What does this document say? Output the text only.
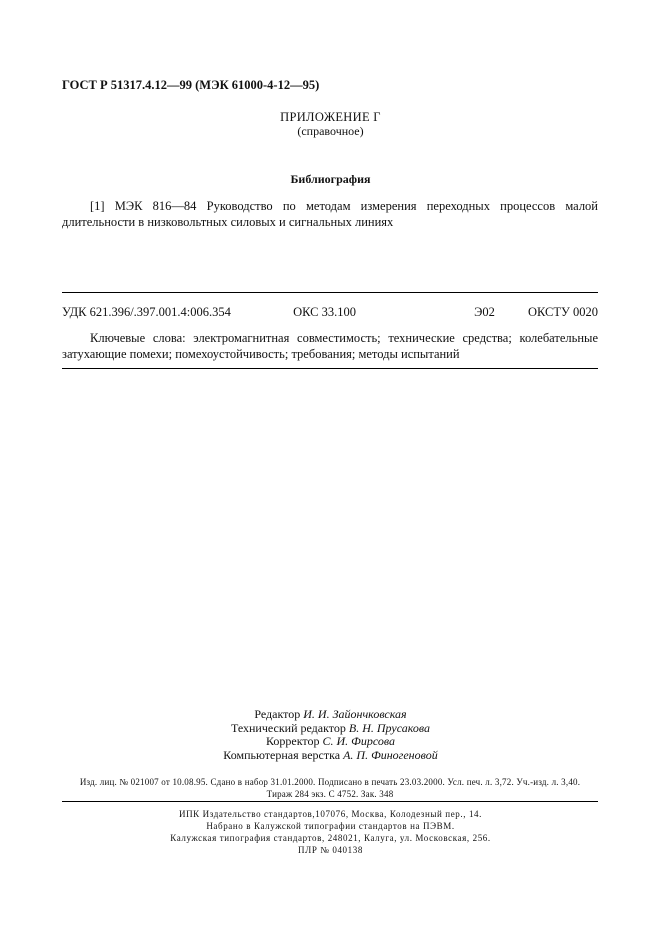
ГОСТ Р 51317.4.12—99 (МЭК 61000-4-12—95)
ПРИЛОЖЕНИЕ Г
(справочное)
Библиография
[1] МЭК 816—84 Руководство по методам измерения переходных процессов малой длительности в низковольтных силовых и сигнальных линиях
УДК 621.396/.397.001.4:006.354	ОКС 33.100	Э02	ОКСТУ 0020
Ключевые слова: электромагнитная совместимость; технические средства; колебательные затухающие помехи; помехоустойчивость; требования; методы испытаний
Редактор И. И. Зайончковская
Технический редактор В. Н. Прусакова
Корректор С. И. Фирсова
Компьютерная верстка А. П. Финогеновой
Изд. лиц. № 021007 от 10.08.95. Сдано в набор 31.01.2000. Подписано в печать 23.03.2000. Усл. печ. л. 3,72. Уч.-изд. л. 3,40.
Тираж 284 экз. С 4752. Зак. 348
ИПК Издательство стандартов,107076, Москва, Колодезный пер., 14.
Набрано в Калужской типографии стандартов на ПЭВМ.
Калужская типография стандартов, 248021, Калуга, ул. Московская, 256.
ПЛР № 040138
